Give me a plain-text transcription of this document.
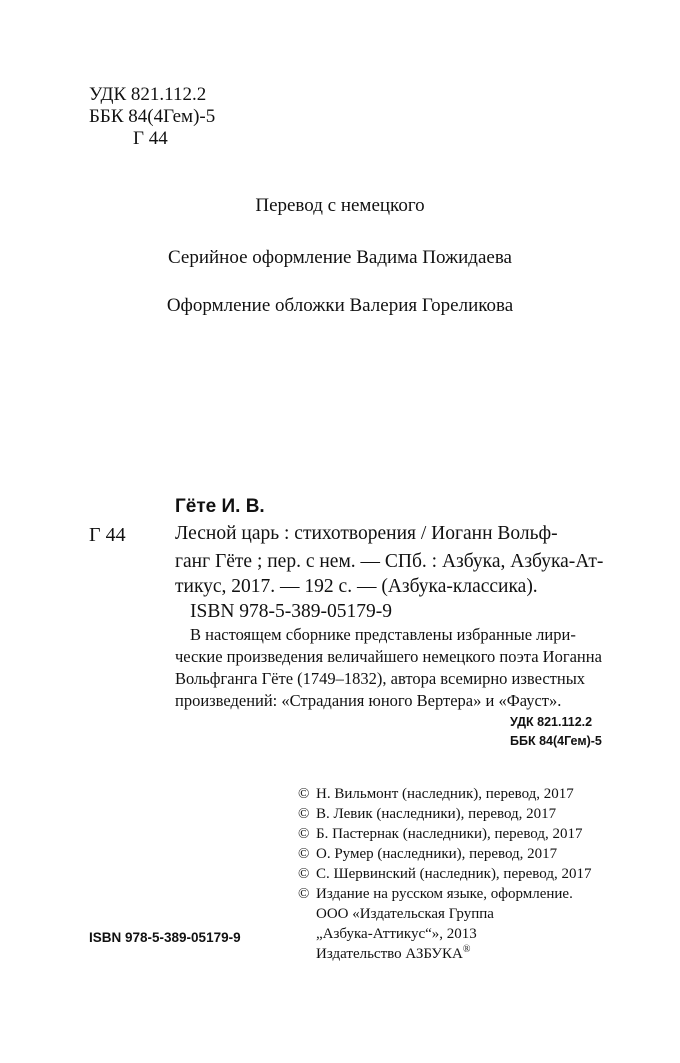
УДК 821.112.2
ББК 84(4Гем)-5
Г 44
Перевод с немецкого
Серийное оформление Вадима Пожидаева
Оформление обложки Валерия Гореликова
Гёте И. В.
Г 44	Лесной царь : стихотворения / Иоганн Вольф-
ганг Гёте ; пер. с нем. — СПб. : Азбука, Азбука-Ат-
тикус, 2017. — 192 с. — (Азбука-классика).
ISBN 978-5-389-05179-9
В настоящем сборнике представлены избранные лири-
ческие произведения величайшего немецкого поэта Иоганна
Вольфганга Гёте (1749–1832), автора всемирно известных
произведений: «Страдания юного Вертера» и «Фауст».
УДК 821.112.2
ББК 84(4Гем)-5
© Н. Вильмонт (наследник), перевод, 2017
© В. Левик (наследники), перевод, 2017
© Б. Пастернак (наследники), перевод, 2017
© О. Румер (наследники), перевод, 2017
© С. Шервинский (наследник), перевод, 2017
© Издание на русском языке, оформление.
ООО «Издательская Группа
„Азбука-Аттикус“», 2013
Издательство АЗБУКА®
ISBN 978-5-389-05179-9
